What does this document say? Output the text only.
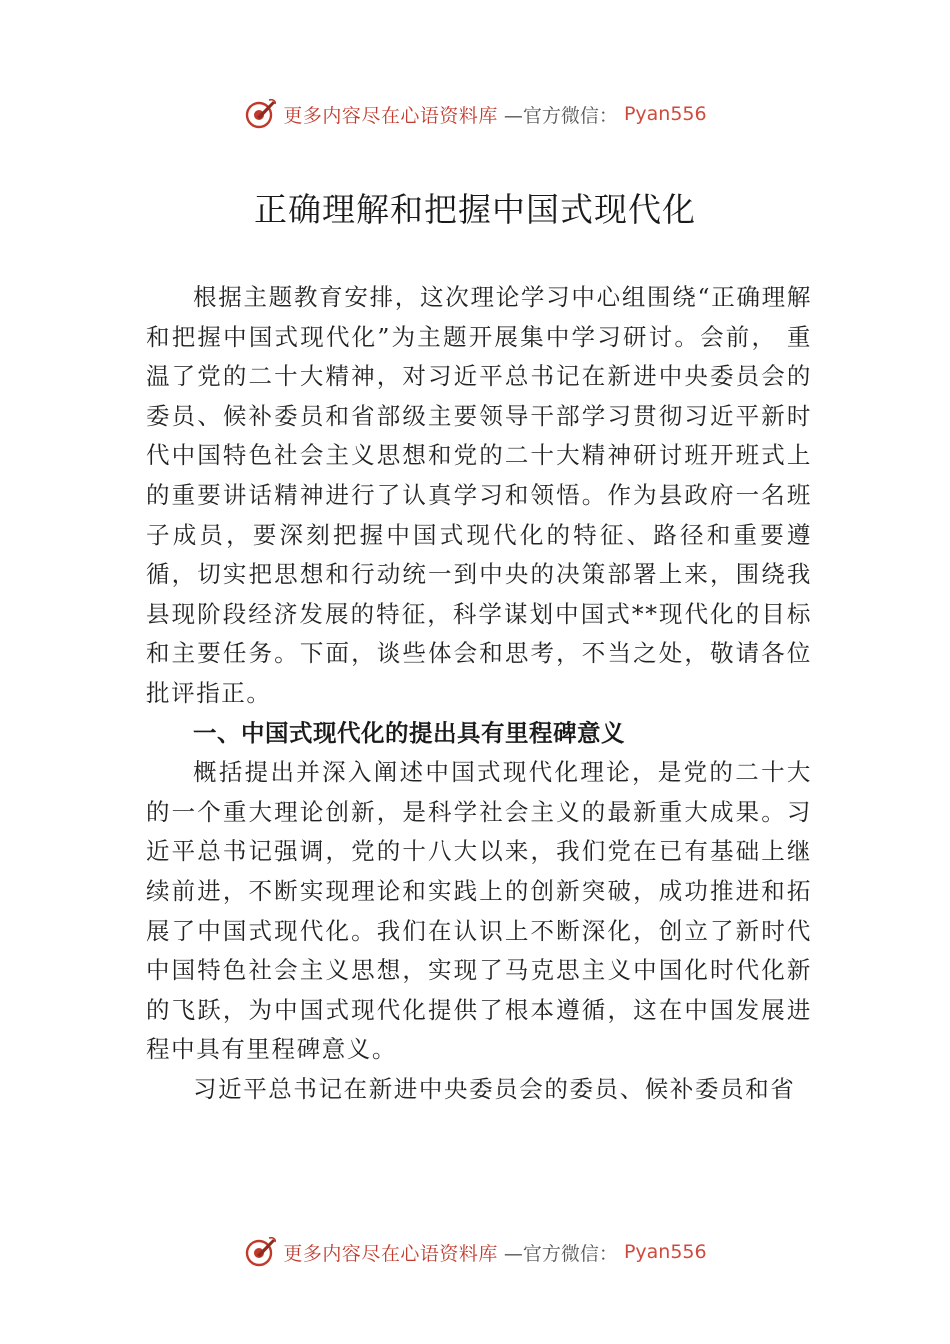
更多内容尽在心语资料库 —官方微信： Pyan556
正确理解和把握中国式现代化

根据主题教育安排，这次理论学习中心组围绕“正确理解和把握中国式现代化”为主题开展集中学习研讨。会前， 重温了党的二十大精神，对习近平总书记在新进中央委员会的委员、候补委员和省部级主要领导干部学习贯彻习近平新时代中国特色社会主义思想和党的二十大精神研讨班开班式上的重要讲话精神进行了认真学习和领悟。作为县政府一名班子成员，要深刻把握中国式现代化的特征、路径和重要遵循，切实把思想和行动统一到中央的决策部署上来，围绕我县现阶段经济发展的特征，科学谋划中国式**现代化的目标和主要任务。下面，谈些体会和思考，不当之处，敬请各位批评指正。

一、中国式现代化的提出具有里程碑意义

概括提出并深入阐述中国式现代化理论，是党的二十大的一个重大理论创新，是科学社会主义的最新重大成果。习近平总书记强调，党的十八大以来，我们党在已有基础上继续前进，不断实现理论和实践上的创新突破，成功推进和拓展了中国式现代化。我们在认识上不断深化，创立了新时代中国特色社会主义思想，实现了马克思主义中国化时代化新的飞跃，为中国式现代化提供了根本遵循，这在中国发展进程中具有里程碑意义。

习近平总书记在新进中央委员会的委员、候补委员和省

更多内容尽在心语资料库 —官方微信： Pyan556
